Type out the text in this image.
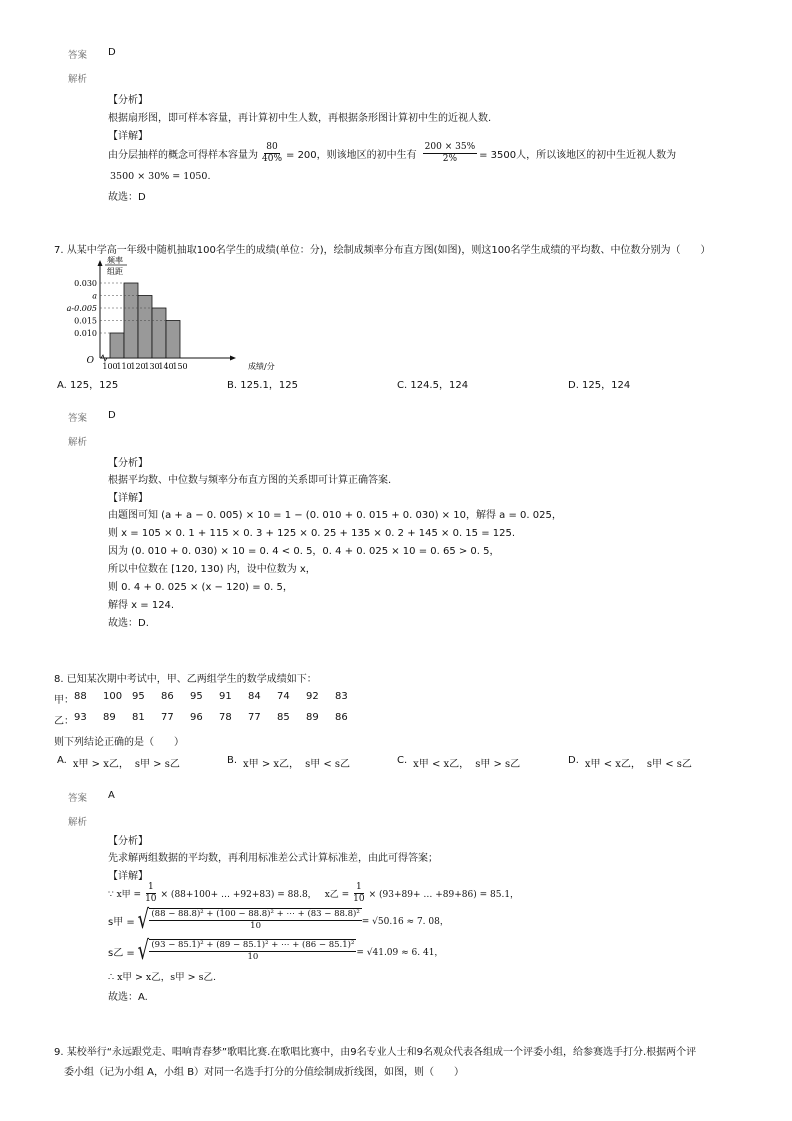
答案 D
解析
【分析】
根据扇形图，即可样本容量，再计算初中生人数，再根据条形图计算初中生的近视人数.
【详解】
由分层抽样的概念可得样本容量为 $\frac{80}{40\%} = 200$，则该地区的初中生有 $\frac{200 \times 35\%}{2\%} = 3500$人，所以该地区的初中生近视人数为
3500 × 30% = 1050.
故选：D
7. 从某中学高一年级中随机抽取100名学生的成绩(单位：分)，绘制成频率分布直方图(如图)，则这100名学生成绩的平均数、中位数分别为（　　）
O
0.030
a
a-0.005
0.015
0.010
100
110
120
130
140
150	成绩/分
频率
组距
A. 125，125	B. 125.1，125	C. 124.5，124	D. 125，124
答案 D
解析
【分析】
根据平均数、中位数与频率分布直方图的关系即可计算正确答案.
【详解】
由题图可知 (a + a − 0. 005) × 10 = 1 − (0. 010 + 0. 015 + 0. 030) × 10，解得 a = 0. 025，
则 x = 105 × 0. 1 + 115 × 0. 3 + 125 × 0. 25 + 135 × 0. 2 + 145 × 0. 15 = 125.
因为 (0. 010 + 0. 030) × 10 = 0. 4 < 0. 5，0. 4 + 0. 025 × 10 = 0. 65 > 0. 5，
所以中位数在 [120, 130) 内，设中位数为 x，
则 0. 4 + 0. 025 × (x − 120) = 0. 5，
解得 x = 124.
故选：D.
8. 已知某次期中考试中，甲、乙两组学生的数学成绩如下：
甲： 88	100 95	86	95	91	84	74	92	83
乙： 93	89	81	77	96	78	77	85	89	86
则下列结论正确的是（　　）
A. x甲 > x乙， s甲 > s乙	B. x甲 > x乙， s甲 < s乙	C. x甲 < x乙， s甲 > s乙	D. x甲 < x乙， s甲 < s乙
答案 A
解析
【分析】
先求解两组数据的平均数，再利用标准差公式计算标准差，由此可得答案；
【详解】
∵ x甲 = $\frac{1}{10} \times (88+100+$ … +92+83) = 88.8， x乙 = $\frac{1}{10} \times (93+89+$ … +89+86) = 85.1，
s甲 = √ (88 − 88.8)² + (100 − 88.8)² + ⋯ + (83 − 88.8)²
10	= √50.16 ≈ 7. 08，
s乙 = √ (93 − 85.1)² + (89 − 85.1)² + ⋯ + (86 − 85.1)²
10	= √41.09 ≈ 6. 41，
∴ x甲 > x乙，s甲 > s乙.
故选：A.
9. 某校举行“永远跟党走、唱响青春梦”歌唱比赛.在歌唱比赛中，由9名专业人士和9名观众代表各组成一个评委小组，给参赛选手打分.根据两个评
委小组（记为小组 A，小组 B）对同一名选手打分的分值绘制成折线图，如图，则（　　）
